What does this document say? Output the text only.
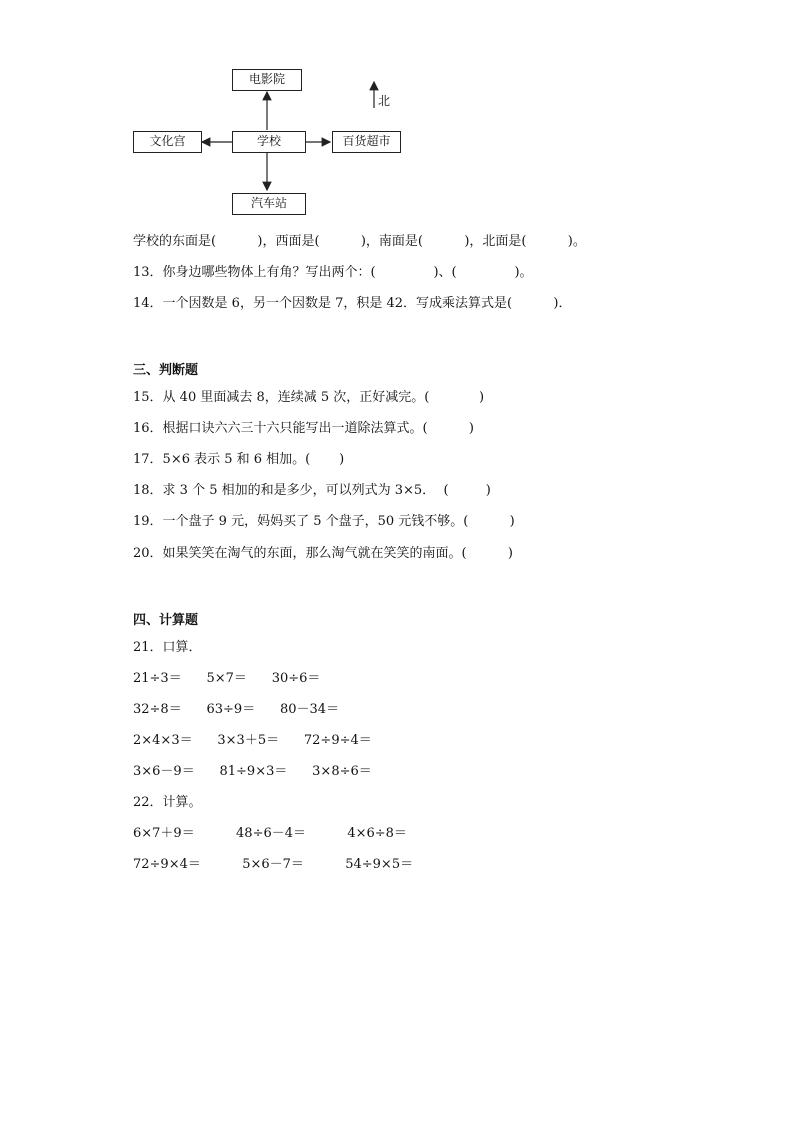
电影院
学校
文化宫	百货超市
汽车站
北
学校的东面是(          )，西面是(          )，南面是(          )，北面是(          )。
13．你身边哪些物体上有角？写出两个：(              )、(              )。
14．一个因数是 6，另一个因数是 7，积是 42．写成乘法算式是(          )．
三、判断题
15．从 40 里面减去 8，连续减 5 次，正好减完。(            )
16．根据口诀六六三十六只能写出一道除法算式。(          )
17．5×6 表示 5 和 6 相加。(       )
18．求 3 个 5 相加的和是多少，可以列式为 3×5．  (         )
19．一个盘子 9 元，妈妈买了 5 个盘子，50 元钱不够。(          )
20．如果笑笑在淘气的东面，那么淘气就在笑笑的南面。(          )
四、计算题
21．口算．
21÷3＝      5×7＝      30÷6＝
32÷8＝      63÷9＝      80－34＝
2×4×3＝      3×3＋5＝      72÷9÷4＝
3×6－9＝      81÷9×3＝      3×8÷6＝
22．计算。
6×7＋9＝          48÷6－4＝          4×6÷8＝
72÷9×4＝          5×6－7＝          54÷9×5＝
